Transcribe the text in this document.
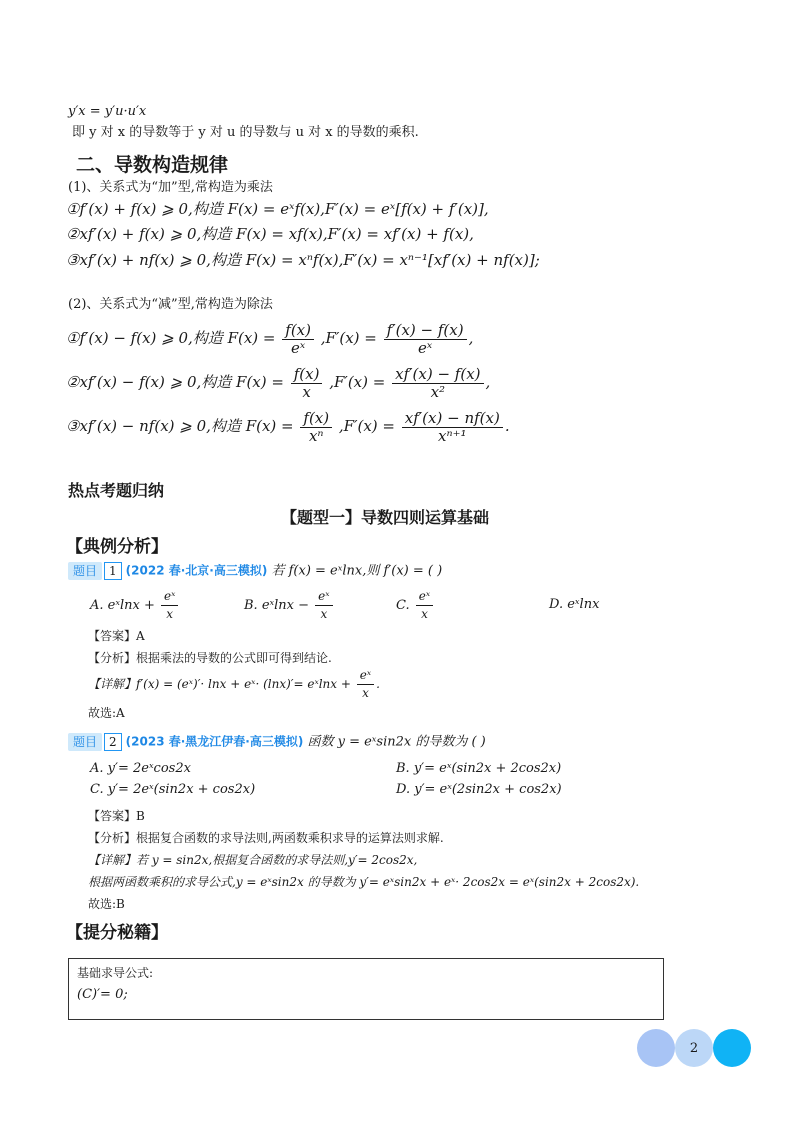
y′x = y′u·u′x
即 y 对 x 的导数等于 y 对 u 的导数与 u 对 x 的导数的乘积.
二、导数构造规律
(1)、关系式为“加”型,常构造为乘法
①f′(x) + f(x) ⩾ 0,构造 F(x) = eˣf(x),F′(x) = eˣ[f(x) + f′(x)],
②xf′(x) + f(x) ⩾ 0,构造 F(x) = xf(x),F′(x) = xf′(x) + f(x),
③xf′(x) + nf(x) ⩾ 0,构造 F(x) = xⁿf(x),F′(x) = xⁿ⁻¹[xf′(x) + nf(x)];
(2)、关系式为“减”型,常构造为除法
①f′(x) − f(x) ⩾ 0,构造 $F(x) = \frac{f(x)}{\text{eˣ}} ,F'(x) = \frac{f'(x) - f(x)}{\text{eˣ}}$ ,
②xf′(x) − f(x) ⩾ 0,构造 $F(x) = \frac{f(x)}{x} ,F'(x) = \frac{xf'(x) - f(x)}{\text{x²}}$ ,
③xf′(x) − nf(x) ⩾ 0,构造 $F(x) = \frac{f(x)}{\text{xⁿ}} ,F'(x) = \frac{xf'(x) - nf(x)}{\text{xⁿ⁺¹}}$ .
热点考题归纳
【题型一】导数四则运算基础
【典例分析】
题目 1 (2022 春·北京·高三模拟) 若 f(x) = eˣlnx,则 f′(x) = ( )
A. eˣlnx + $\frac{\text{eˣ}}{x}$	B. eˣlnx − $\frac{\text{eˣ}}{x}$	C. $\frac{\text{eˣ}}{x}$	D. eˣlnx
【答案】A
【分析】根据乘法的导数的公式即可得到结论.
【详解】f′(x) = (eˣ)′· lnx + eˣ· (lnx)′= eˣlnx + $\frac{\text{eˣ}}{x}$ .
故选:A
题目 2 (2023 春·黑龙江伊春·高三模拟) 函数 y = eˣsin2x 的导数为 ( )
A. y′= 2eˣcos2x	B. y′= eˣ(sin2x + 2cos2x)
C. y′= 2eˣ(sin2x + cos2x)	D. y′= eˣ(2sin2x + cos2x)
【答案】B
【分析】根据复合函数的求导法则,两函数乘积求导的运算法则求解.
【详解】若 y = sin2x,根据复合函数的求导法则,y′= 2cos2x,
根据两函数乘积的求导公式,y = eˣsin2x 的导数为 y′= eˣsin2x + eˣ· 2cos2x = eˣ(sin2x + 2cos2x).
故选:B
【提分秘籍】
基础求导公式:
(C)′= 0;
2
